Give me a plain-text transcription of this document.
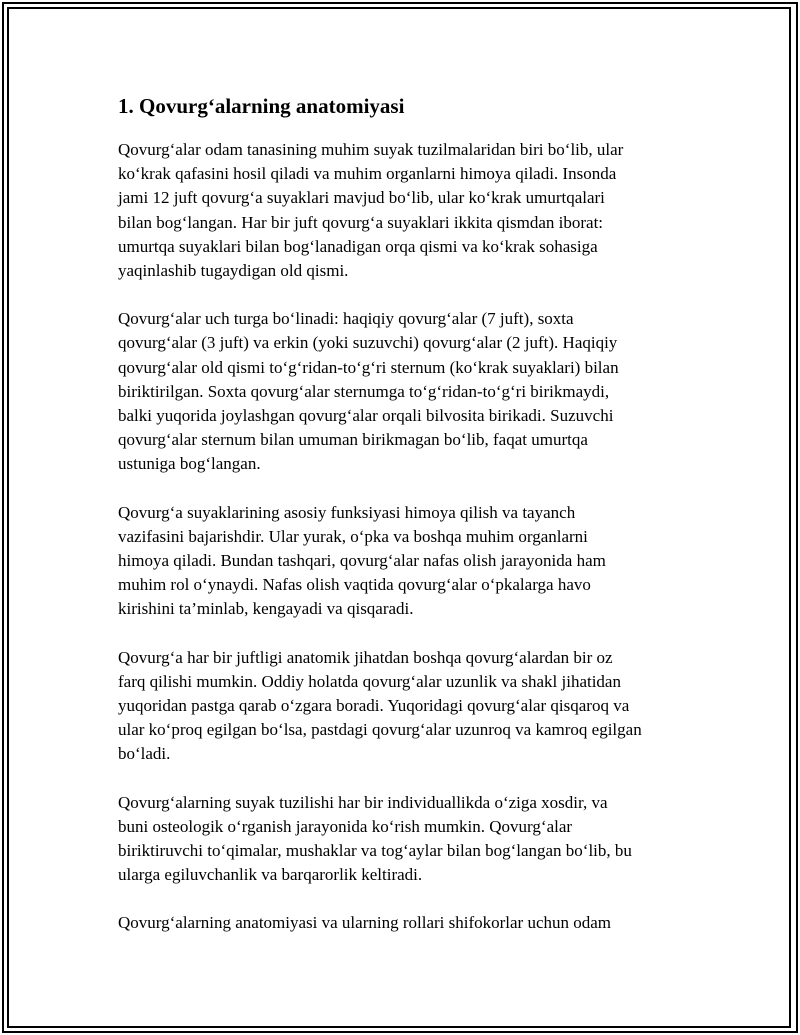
1. Qovurg‘alarning anatomiyasi
Qovurg‘alar odam tanasining muhim suyak tuzilmalaridan biri bo‘lib, ular
ko‘krak qafasini hosil qiladi va muhim organlarni himoya qiladi. Insonda
jami 12 juft qovurg‘a suyaklari mavjud bo‘lib, ular ko‘krak umurtqalari
bilan bog‘langan. Har bir juft qovurg‘a suyaklari ikkita qismdan iborat:
umurtqa suyaklari bilan bog‘lanadigan orqa qismi va ko‘krak sohasiga
yaqinlashib tugaydigan old qismi.
Qovurg‘alar uch turga bo‘linadi: haqiqiy qovurg‘alar (7 juft), soxta
qovurg‘alar (3 juft) va erkin (yoki suzuvchi) qovurg‘alar (2 juft). Haqiqiy
qovurg‘alar old qismi to‘g‘ridan-to‘g‘ri sternum (ko‘krak suyaklari) bilan
biriktirilgan. Soxta qovurg‘alar sternumga to‘g‘ridan-to‘g‘ri birikmaydi,
balki yuqorida joylashgan qovurg‘alar orqali bilvosita birikadi. Suzuvchi
qovurg‘alar sternum bilan umuman birikmagan bo‘lib, faqat umurtqa
ustuniga bog‘langan.
Qovurg‘a suyaklarining asosiy funksiyasi himoya qilish va tayanch
vazifasini bajarishdir. Ular yurak, o‘pka va boshqa muhim organlarni
himoya qiladi. Bundan tashqari, qovurg‘alar nafas olish jarayonida ham
muhim rol o‘ynaydi. Nafas olish vaqtida qovurg‘alar o‘pkalarga havo
kirishini ta’minlab, kengayadi va qisqaradi.
Qovurg‘a har bir juftligi anatomik jihatdan boshqa qovurg‘alardan bir oz
farq qilishi mumkin. Oddiy holatda qovurg‘alar uzunlik va shakl jihatidan
yuqoridan pastga qarab o‘zgara boradi. Yuqoridagi qovurg‘alar qisqaroq va
ular ko‘proq egilgan bo‘lsa, pastdagi qovurg‘alar uzunroq va kamroq egilgan
bo‘ladi.
Qovurg‘alarning suyak tuzilishi har bir individuallikda o‘ziga xosdir, va
buni osteologik o‘rganish jarayonida ko‘rish mumkin. Qovurg‘alar
biriktiruvchi to‘qimalar, mushaklar va tog‘aylar bilan bog‘langan bo‘lib, bu
ularga egiluvchanlik va barqarorlik keltiradi.
Qovurg‘alarning anatomiyasi va ularning rollari shifokorlar uchun odam
